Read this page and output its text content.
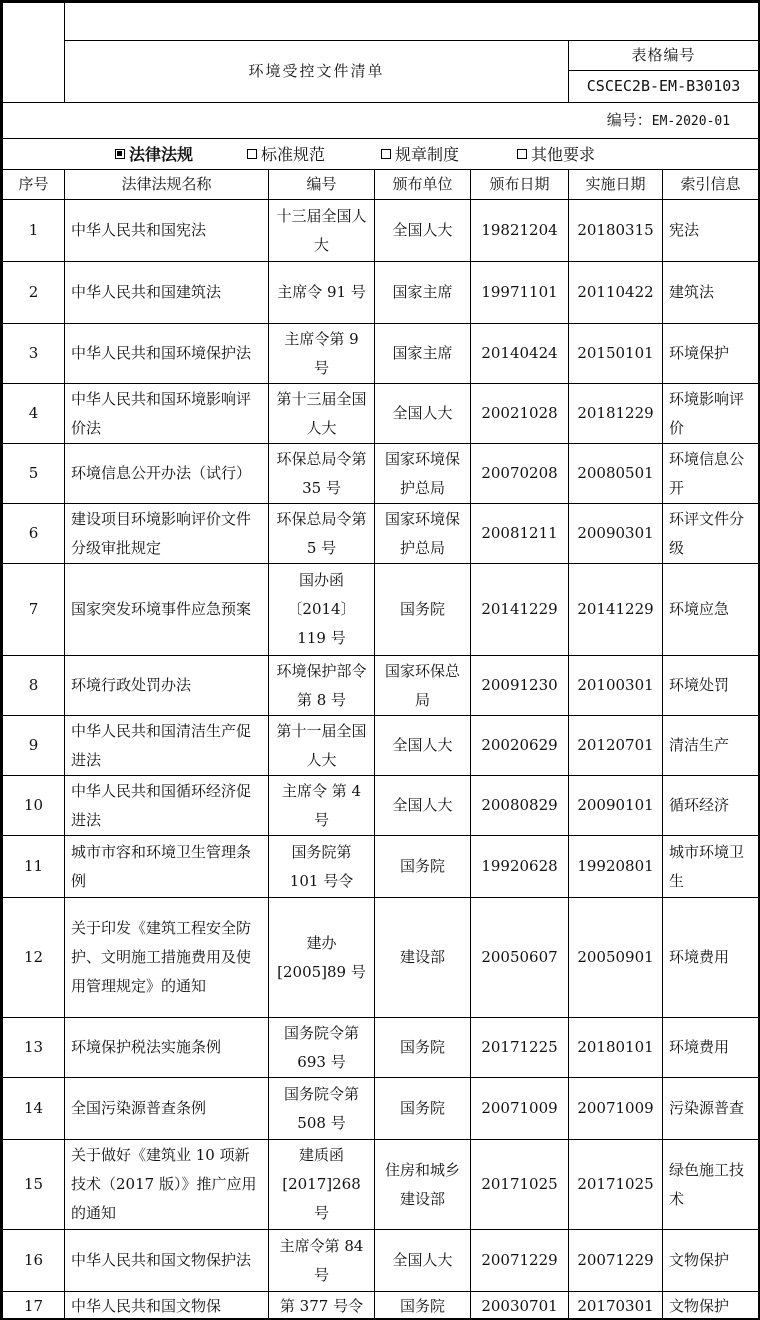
	环境受控文件清单				表格编号	
					CSCEC2B-EM-B30103	
编号：EM-2020-01						

法律法规 标准规范 规章制度 其他要求						

序号	法律法规名称	编号	颁布单位	颁布日期	实施日期	索引信息
1	中华人民共和国宪法	十三届全国人大	全国人大	19821204	20180315	宪法
2	中华人民共和国建筑法	主席令 91 号	国家主席	19971101	20110422	建筑法
3	中华人民共和国环境保护法	主席令第 9 号	国家主席	20140424	20150101	环境保护
4	中华人民共和国环境影响评价法	第十三届全国人大	全国人大	20021028	20181229	环境影响评价
5	环境信息公开办法（试行）	环保总局令第 35 号	国家环境保护总局	20070208	20080501	环境信息公开
6	建设项目环境影响评价文件分级审批规定	环保总局令第 5 号	国家环境保护总局	20081211	20090301	环评文件分级
7	国家突发环境事件应急预案	国办函〔2014〕119 号	国务院	20141229	20141229	环境应急
8	环境行政处罚办法	环境保护部令第 8 号	国家环保总局	20091230	20100301	环境处罚
9	中华人民共和国清洁生产促进法	第十一届全国人大	全国人大	20020629	20120701	清洁生产
10	中华人民共和国循环经济促进法	主席令 第 4 号	全国人大	20080829	20090101	循环经济
11	城市市容和环境卫生管理条例	国务院第 101 号令	国务院	19920628	19920801	城市环境卫生
12	关于印发《建筑工程安全防护、文明施工措施费用及使用管理规定》的通知	建办[2005]89 号	建设部	20050607	20050901	环境费用
13	环境保护税法实施条例	国务院令第 693 号	国务院	20171225	20180101	环境费用
14	全国污染源普查条例	国务院令第 508 号	国务院	20071009	20071009	污染源普查
15	关于做好《建筑业 10 项新技术（2017 版）》推广应用的通知	建质函[2017]268 号	住房和城乡建设部	20171025	20171025	绿色施工技术
16	中华人民共和国文物保护法	主席令第 84 号	全国人大	20071229	20071229	文物保护
17	中华人民共和国文物保	第 377 号令	国务院	20030701	20170301	文物保护
